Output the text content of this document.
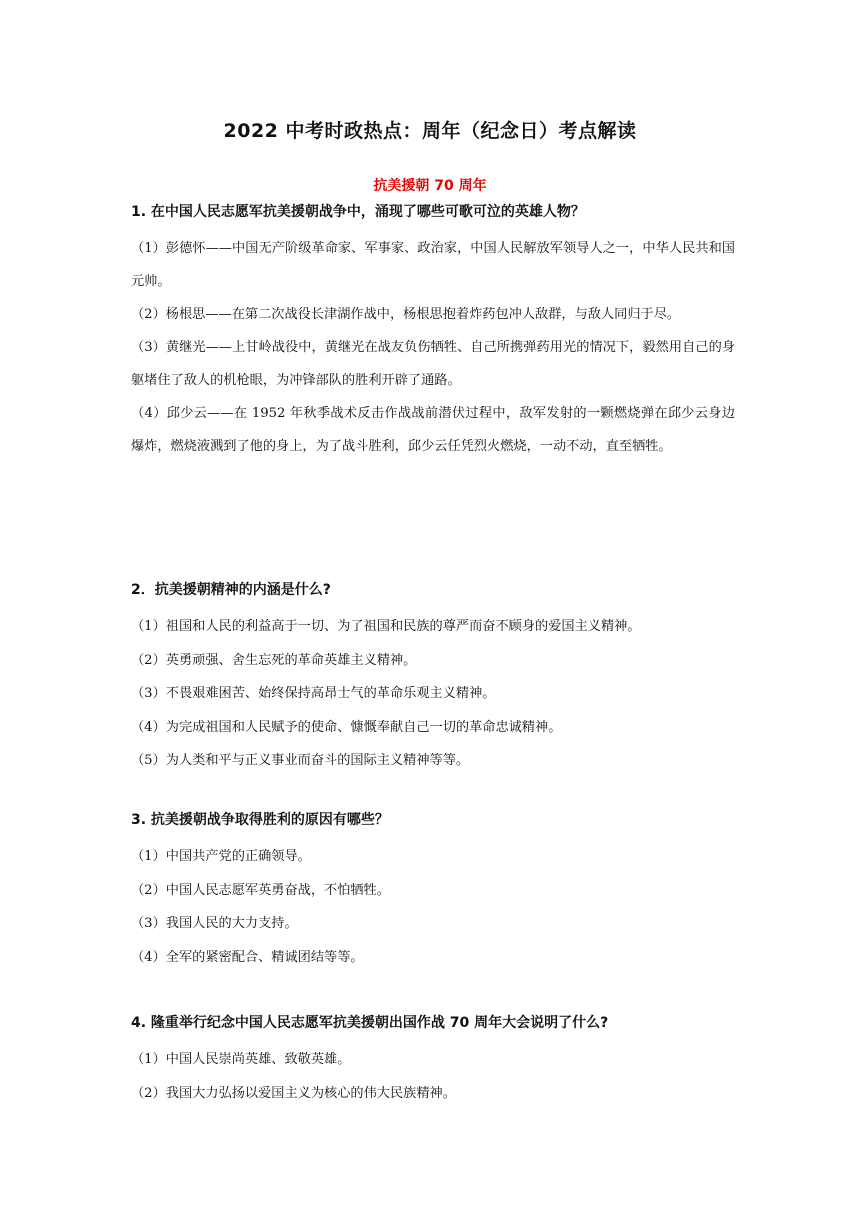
2022 中考时政热点：周年（纪念日）考点解读
抗美援朝 70 周年

1. 在中国人民志愿军抗美援朝战争中，涌现了哪些可歌可泣的英雄人物？

（1）彭德怀——中国无产阶级革命家、军事家、政治家，中国人民解放军领导人之一，中华人民共和国元帅。

（2）杨根思——在第二次战役长津湖作战中，杨根思抱着炸药包冲人敌群，与敌人同归于尽。

（3）黄继光——上甘岭战役中，黄继光在战友负伤牺牲、自己所携弹药用光的情况下，毅然用自己的身躯堵住了敌人的机枪眼，为冲锋部队的胜利开辟了通路。

（4）邱少云——在 1952 年秋季战术反击作战战前潜伏过程中，敌军发射的一颗燃烧弹在邱少云身边爆炸，燃烧液溅到了他的身上，为了战斗胜利，邱少云任凭烈火燃烧，一动不动，直至牺牲。

2．抗美援朝精神的内涵是什么?

（1）祖国和人民的利益高于一切、为了祖国和民族的尊严而奋不顾身的爱国主义精神。

（2）英勇顽强、舍生忘死的革命英雄主义精神。

（3）不畏艰难困苦、始终保持高昂士气的革命乐观主义精神。

（4）为完成祖国和人民赋予的使命、慷慨奉献自己一切的革命忠诚精神。

（5）为人类和平与正义事业而奋斗的国际主义精神等等。

3. 抗美援朝战争取得胜利的原因有哪些？

（1）中国共产党的正确领导。

（2）中国人民志愿军英勇奋战，不怕牺牲。

（3）我国人民的大力支持。

（4）全军的紧密配合、精诚团结等等。

4. 隆重举行纪念中国人民志愿军抗美援朝出国作战 70 周年大会说明了什么?

（1）中国人民崇尚英雄、致敬英雄。

（2）我国大力弘扬以爱国主义为核心的伟大民族精神。
